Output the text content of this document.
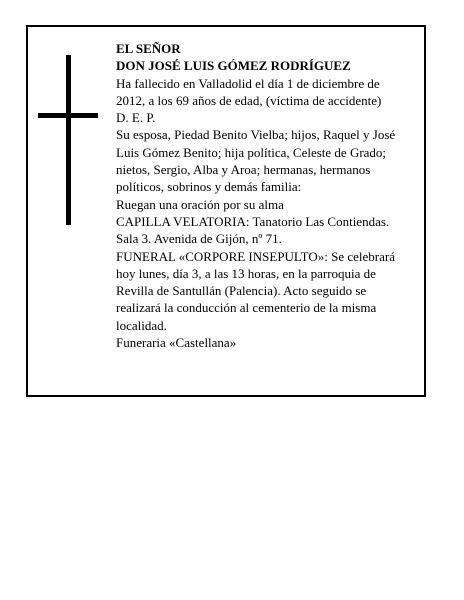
EL SEÑOR

DON JOSÉ LUIS GÓMEZ RODRÍGUEZ

Ha fallecido en Valladolid el día 1 de diciembre de 2012, a los 69 años de edad, (víctima de accidente)

D. E. P.

Su esposa, Piedad Benito Vielba; hijos, Raquel y José Luis Gómez Benito; hija política, Celeste de Grado; nietos, Sergio, Alba y Aroa; hermanas, hermanos políticos, sobrinos y demás familia:

Ruegan una oración por su alma

CAPILLA VELATORIA: Tanatorio Las Contiendas. Sala 3. Avenida de Gijón, nº 71.

FUNERAL «CORPORE INSEPULTO»: Se celebrará hoy lunes, día 3, a las 13 horas, en la parroquia de Revilla de Santullán (Palencia). Acto seguido se realizará la conducción al cementerio de la misma localidad.

Funeraria «Castellana»
